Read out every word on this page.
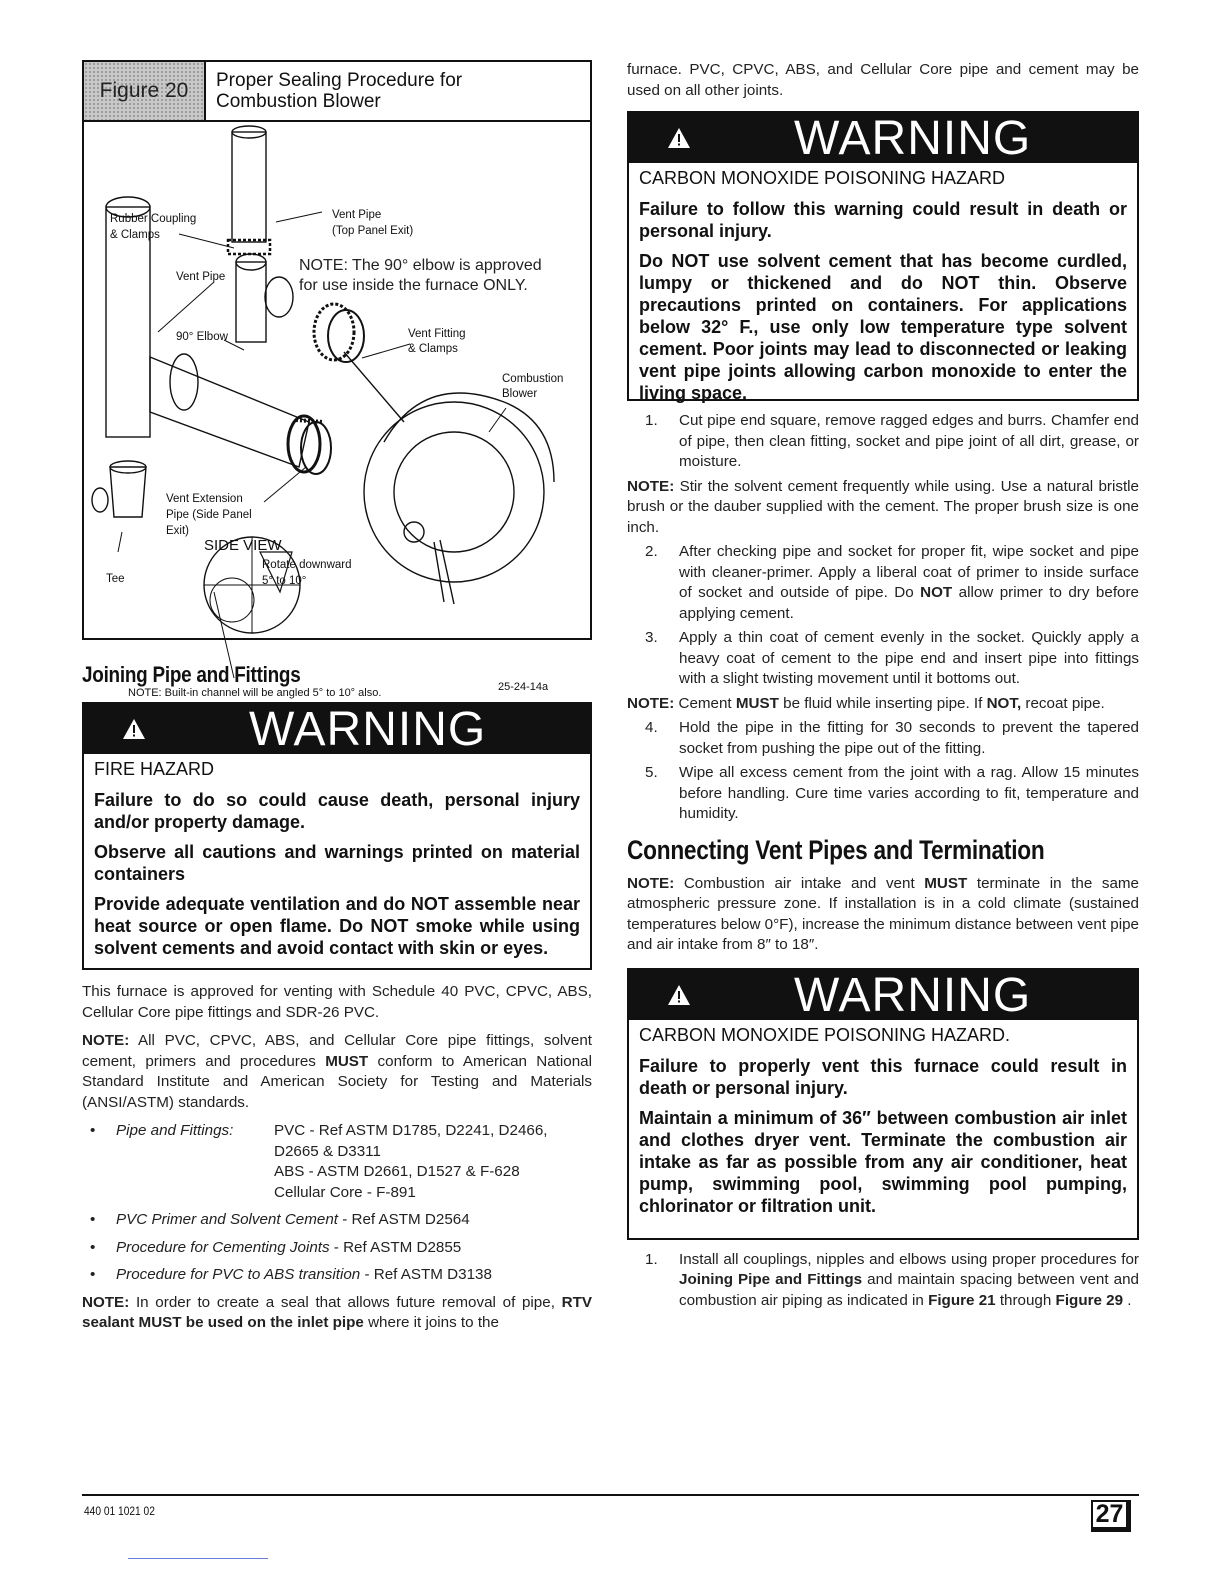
Figure 20	Proper Sealing Procedure for
Combustion Blower
Rubber Coupling
& Clamps
Vent Pipe
(Top Panel Exit)
Vent Pipe
90° Elbow	Vent Fitting
& Clamps
Combustion
Blower
Vent Extension
Pipe (Side Panel
Exit)
SIDE VIEW
Rotate downward
5° to 10°
Tee
NOTE: Built-in channel will be angled 5° to 10° also.	25-24-14a
NOTE: The 90° elbow is approved
for use inside the furnace ONLY.
Joining Pipe and Fittings
WARNING
FIRE HAZARD
Failure to do so could cause death, personal injury and/or property damage.
Observe all cautions and warnings printed on material containers
Provide adequate ventilation and do NOT assemble near heat source or open flame. Do NOT smoke while using solvent cements and avoid contact with skin or eyes.
This furnace is approved for venting with Schedule 40 PVC, CPVC, ABS, Cellular Core pipe fittings and SDR-26 PVC.
NOTE: All PVC, CPVC, ABS, and Cellular Core pipe fittings, solvent cement, primers and procedures MUST conform to American National Standard Institute and American Society for Testing and Materials (ANSI/ASTM) standards.
• Pipe and Fittings:	PVC - Ref ASTM D1785, D2241, D2466,
D2665 & D3311
ABS - ASTM D2661, D1527 & F-628
Cellular Core - F-891
• PVC Primer and Solvent Cement - Ref ASTM D2564
• Procedure for Cementing Joints - Ref ASTM D2855
• Procedure for PVC to ABS transition - Ref ASTM D3138
NOTE: In order to create a seal that allows future removal of pipe, RTV sealant MUST be used on the inlet pipe where it joins to the
furnace. PVC, CPVC, ABS, and Cellular Core pipe and cement may be used on all other joints.
WARNING
CARBON MONOXIDE POISONING HAZARD
Failure to follow this warning could result in death or personal injury.
Do NOT use solvent cement that has become curdled, lumpy or thickened and do NOT thin. Observe precautions printed on containers. For applications below 32° F., use only low temperature type solvent cement. Poor joints may lead to disconnected or leaking vent pipe joints allowing carbon monoxide to enter the living space.
1. Cut pipe end square, remove ragged edges and burrs. Chamfer end of pipe, then clean fitting, socket and pipe joint of all dirt, grease, or moisture.
NOTE: Stir the solvent cement frequently while using. Use a natural bristle brush or the dauber supplied with the cement. The proper brush size is one inch.
2. After checking pipe and socket for proper fit, wipe socket and pipe with cleaner-primer. Apply a liberal coat of primer to inside surface of socket and outside of pipe. Do NOT allow primer to dry before applying cement.
3. Apply a thin coat of cement evenly in the socket. Quickly apply a heavy coat of cement to the pipe end and insert pipe into fittings with a slight twisting movement until it bottoms out.
NOTE: Cement MUST be fluid while inserting pipe. If NOT, recoat pipe.
4. Hold the pipe in the fitting for 30 seconds to prevent the tapered socket from pushing the pipe out of the fitting.
5. Wipe all excess cement from the joint with a rag. Allow 15 minutes before handling. Cure time varies according to fit, temperature and humidity.
Connecting Vent Pipes and Termination
NOTE: Combustion air intake and vent MUST terminate in the same atmospheric pressure zone. If installation is in a cold climate (sustained temperatures below 0°F), increase the minimum distance between vent pipe and air intake from 8″ to 18″.
WARNING
CARBON MONOXIDE POISONING HAZARD.
Failure to properly vent this furnace could result in death or personal injury.
Maintain a minimum of 36″ between combustion air inlet and clothes dryer vent. Terminate the combustion air intake as far as possible from any air conditioner, heat pump, swimming pool, swimming pool pumping, chlorinator or filtration unit.
1. Install all couplings, nipples and elbows using proper procedures for Joining Pipe and Fittings and maintain spacing between vent and combustion air piping as indicated in Figure 21 through Figure 29 .
440 01 1021 02	27
